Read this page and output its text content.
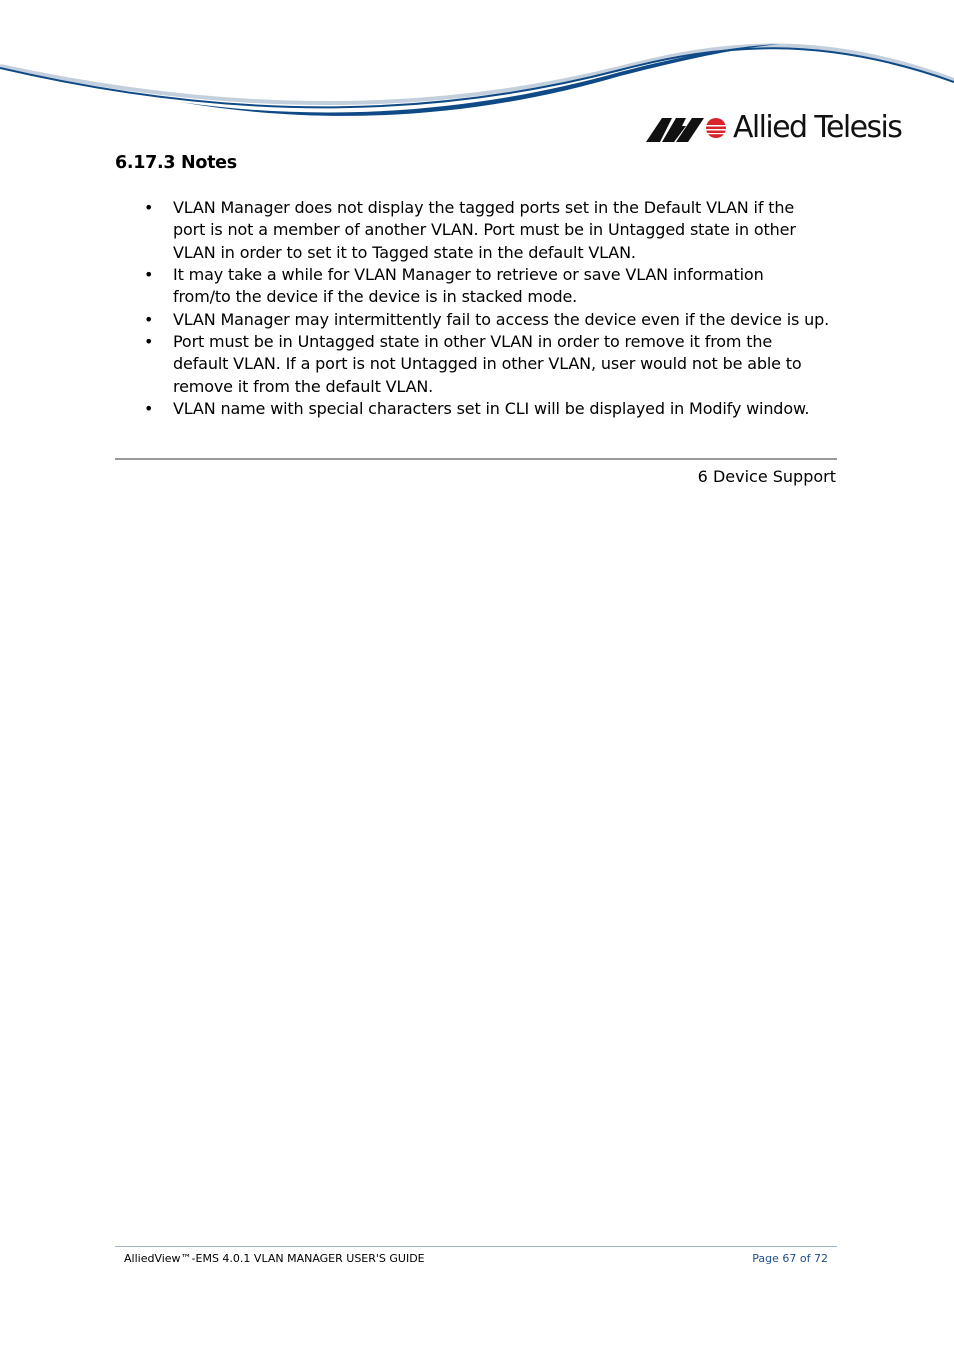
Allied Telesis
6.17.3 Notes
• VLAN Manager does not display the tagged ports set in the Default VLAN if the
port is not a member of another VLAN. Port must be in Untagged state in other
VLAN in order to set it to Tagged state in the default VLAN.
• It may take a while for VLAN Manager to retrieve or save VLAN information
from/to the device if the device is in stacked mode.
• VLAN Manager may intermittently fail to access the device even if the device is up.
• Port must be in Untagged state in other VLAN in order to remove it from the
default VLAN. If a port is not Untagged in other VLAN, user would not be able to
remove it from the default VLAN.
• VLAN name with special characters set in CLI will be displayed in Modify window.
6 Device Support
AlliedView™-EMS 4.0.1 VLAN MANAGER USER'S GUIDE	Page 67 of 72
